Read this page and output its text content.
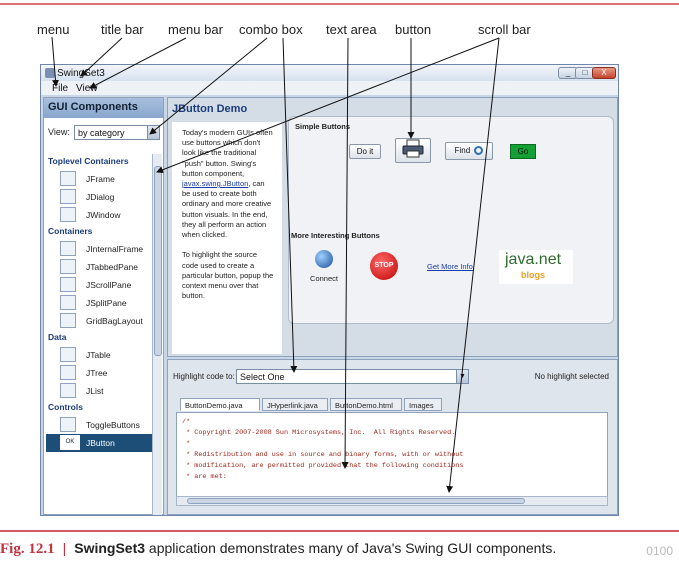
menu title bar menu bar combo box text area button	scroll bar
SwingSet3	_	□	X
File View
GUI Components
View: by category	▼
Toplevel Containers
JFrame
JDialog
JWindow
Containers
JInternalFrame
JTabbedPane
JScrollPane
JSplitPane
GridBagLayout
Data
JTable
JTree
JList
Controls
ToggleButtons
OK	JButton
JButton Demo
Today's modern GUIs often use buttons which don't look like the traditional "push" button. Swing's button component, javax.swing.JButton, can be used to create both ordinary and more creative button visuals. In the end, they all perform an action when clicked.

To highlight the source code used to create a particular button, popup the context menu over that button.
Simple Buttons
Do it	Find	Go
More Interesting Buttons
Connect
STOP	Get More Info java.net
blogs
Highlight code to: Select One	▼	No highlight selected
ButtonDemo.java	JHyperlink.java	ButtonDemo.html	Images
/*
* Copyright 2007-2008 Sun Microsystems, Inc.  All Rights Reserved.
*
* Redistribution and use in source and binary forms, with or without
* modification, are permitted provided that the following conditions
* are met:
Fig. 12.1 | SwingSet3 application demonstrates many of Java's Swing GUI components.	0100
